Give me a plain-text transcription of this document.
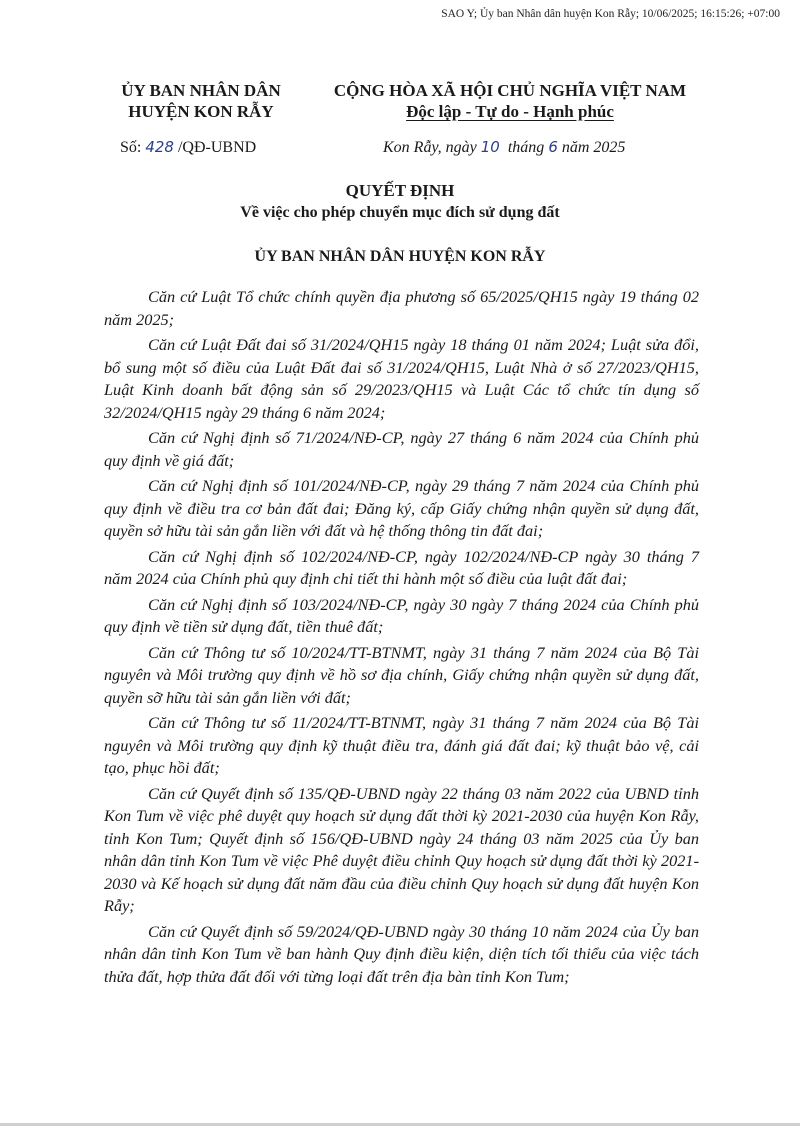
SAO Y; Ủy ban Nhân dân huyện Kon Rẫy; 10/06/2025; 16:15:26; +07:00
ỦY BAN NHÂN DÂN
HUYỆN KON RẪY
CỘNG HÒA XÃ HỘI CHỦ NGHĨA VIỆT NAM
Độc lập - Tự do - Hạnh phúc
Số: 428 /QĐ-UBND	Kon Rẫy, ngày 10 tháng 6 năm 2025
QUYẾT ĐỊNH
Về việc cho phép chuyển mục đích sử dụng đất
ỦY BAN NHÂN DÂN HUYỆN KON RẪY

Căn cứ Luật Tổ chức chính quyền địa phương số 65/2025/QH15 ngày 19 tháng 02 năm 2025;

Căn cứ Luật Đất đai số 31/2024/QH15 ngày 18 tháng 01 năm 2024; Luật sửa đổi, bổ sung một số điều của Luật Đất đai số 31/2024/QH15, Luật Nhà ở số 27/2023/QH15, Luật Kinh doanh bất động sản số 29/2023/QH15 và Luật Các tổ chức tín dụng số 32/2024/QH15 ngày 29 tháng 6 năm 2024;

Căn cứ Nghị định số 71/2024/NĐ-CP, ngày 27 tháng 6 năm 2024 của Chính phủ quy định về giá đất;

Căn cứ Nghị định số 101/2024/NĐ-CP, ngày 29 tháng 7 năm 2024 của Chính phủ quy định về điều tra cơ bản đất đai; Đăng ký, cấp Giấy chứng nhận quyền sử dụng đất, quyền sở hữu tài sản gắn liền với đất và hệ thống thông tin đất đai;

Căn cứ Nghị định số 102/2024/NĐ-CP, ngày 102/2024/NĐ-CP ngày 30 tháng 7 năm 2024 của Chính phủ quy định chi tiết thi hành một số điều của luật đất đai;

Căn cứ Nghị định số 103/2024/NĐ-CP, ngày 30 ngày 7 tháng 2024 của Chính phủ quy định về tiền sử dụng đất, tiền thuê đất;

Căn cứ Thông tư số 10/2024/TT-BTNMT, ngày 31 tháng 7 năm 2024 của Bộ Tài nguyên và Môi trường quy định về hồ sơ địa chính, Giấy chứng nhận quyền sử dụng đất, quyền sỡ hữu tài sản gắn liền với đất;

Căn cứ Thông tư số 11/2024/TT-BTNMT, ngày 31 tháng 7 năm 2024 của Bộ Tài nguyên và Môi trường quy định kỹ thuật điều tra, đánh giá đất đai; kỹ thuật bảo vệ, cải tạo, phục hồi đất;

Căn cứ Quyết định số 135/QĐ-UBND ngày 22 tháng 03 năm 2022 của UBND tỉnh Kon Tum về việc phê duyệt quy hoạch sử dụng đất thời kỳ 2021-2030 của huyện Kon Rẫy, tỉnh Kon Tum; Quyết định số 156/QĐ-UBND ngày 24 tháng 03 năm 2025 của Ủy ban nhân dân tỉnh Kon Tum về việc Phê duyệt điều chỉnh Quy hoạch sử dụng đất thời kỳ 2021-2030 và Kế hoạch sử dụng đất năm đầu của điều chỉnh Quy hoạch sử dụng đất huyện Kon Rẫy;

Căn cứ Quyết định số 59/2024/QĐ-UBND ngày 30 tháng 10 năm 2024 của Ủy ban nhân dân tỉnh Kon Tum về ban hành Quy định điều kiện, diện tích tối thiểu của việc tách thửa đất, hợp thửa đất đối với từng loại đất trên địa bàn tỉnh Kon Tum;
